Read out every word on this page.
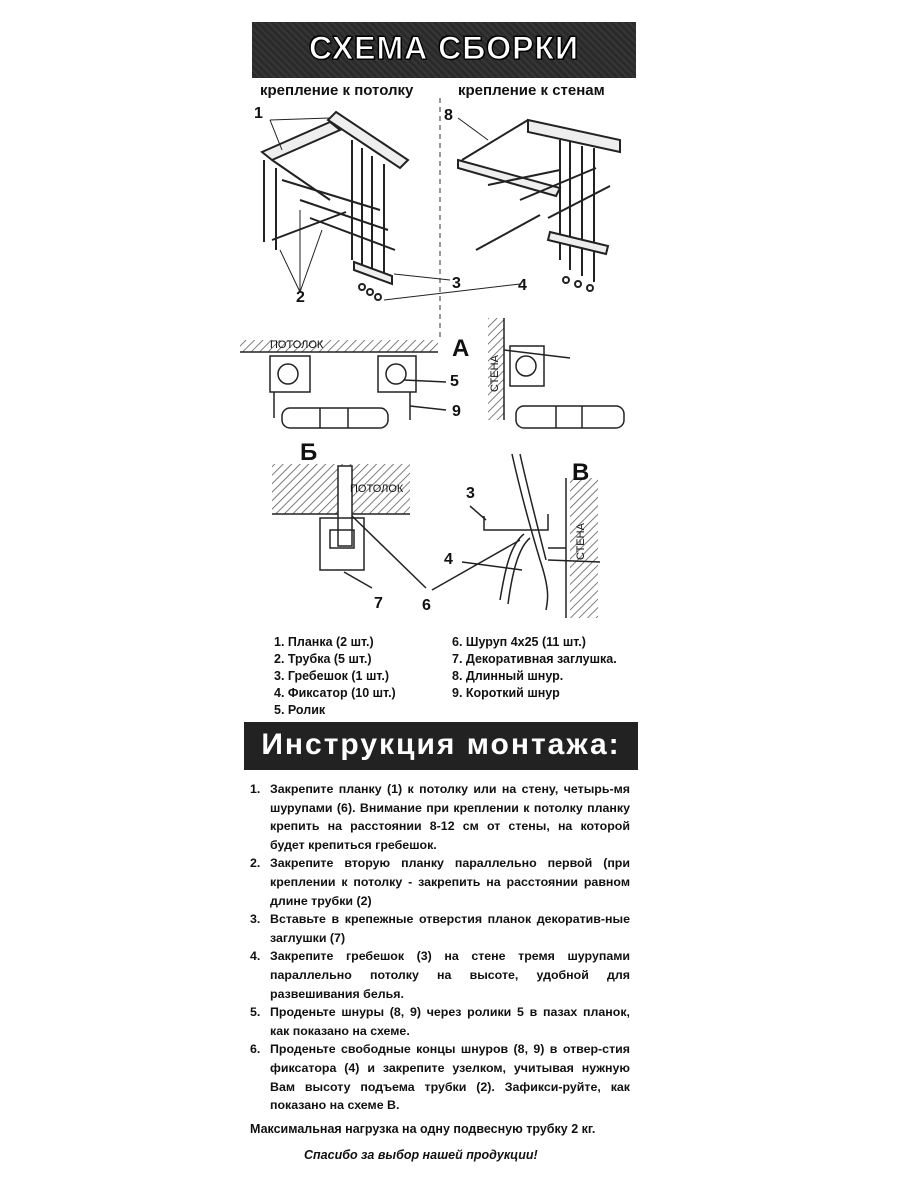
СХЕМА СБОРКИ
крепление к потолку	крепление к стенам
1
2
8
3	4
ПОТОЛОК
СТЕНА
А
5
9
ПОТОЛОК
Б
7 6
СТЕНА
В
3
4
1. Планка (2 шт.)
2. Трубка (5 шт.)
3. Гребешок (1 шт.)
4. Фиксатор (10 шт.)
5. Ролик
6. Шуруп 4х25 (11 шт.)
7. Декоративная заглушка.
8. Длинный шнур.
9. Короткий шнур
Инструкция монтажа:
1. Закрепите планку (1) к потолку или на стену, четырь-мя шурупами (6). Внимание при креплении к потолку планку крепить на расстоянии 8-12 см от стены, на которой будет крепиться гребешок.
2. Закрепите вторую планку параллельно первой (при креплении к потолку - закрепить на расстоянии равном длине трубки (2)
3. Вставьте в крепежные отверстия планок декоратив-ные заглушки (7)
4. Закрепите гребешок (3) на стене тремя шурупами параллельно потолку на высоте, удобной для развешивания белья.
5. Проденьте шнуры (8, 9) через ролики 5 в пазах планок, как показано на схеме.
6. Проденьте свободные концы шнуров (8, 9) в отвер-стия фиксатора (4) и закрепите узелком, учитывая нужную Вам высоту подъема трубки (2). Зафикси-руйте, как показано на схеме В.
Максимальная нагрузка на одну подвесную трубку 2 кг.
Спасибо за выбор нашей продукции!
